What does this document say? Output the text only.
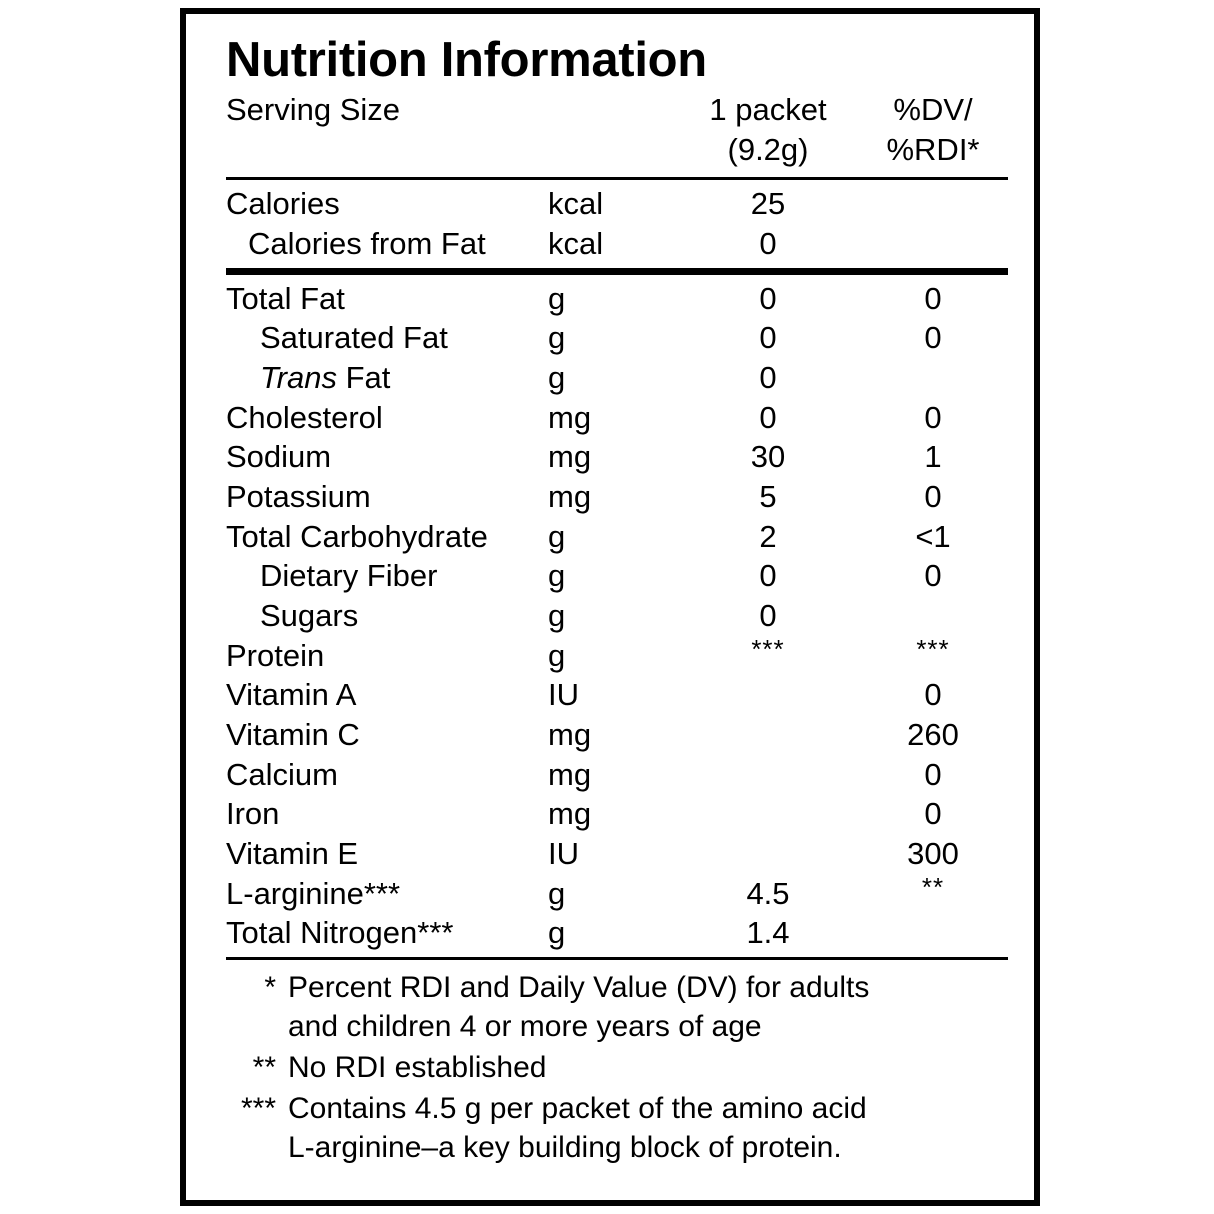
Nutrition Information
Serving Size		1 packet	%DV/
		(9.2g)	%RDI*

Calories	kcal	25	
Calories from Fat	kcal	0	

Total Fat	g	0	0
Saturated Fat	g	0	0
Trans Fat	g	0	
Cholesterol	mg	0	0
Sodium	mg	30	1
Potassium	mg	5	0
Total Carbohydrate	g	2	<1
Dietary Fiber	g	0	0
Sugars	g	0	
Protein	g	***	***
Vitamin A	IU		0
Vitamin C	mg		260
Calcium	mg		0
Iron	mg		0
Vitamin E	IU		300
L-arginine***	g	4.5	**
Total Nitrogen***	g	1.4	

* Percent RDI and Daily Value (DV) for adults
and children 4 or more years of age
** No RDI established
*** Contains 4.5 g per packet of the amino acid
L-arginine–a key building block of protein.
